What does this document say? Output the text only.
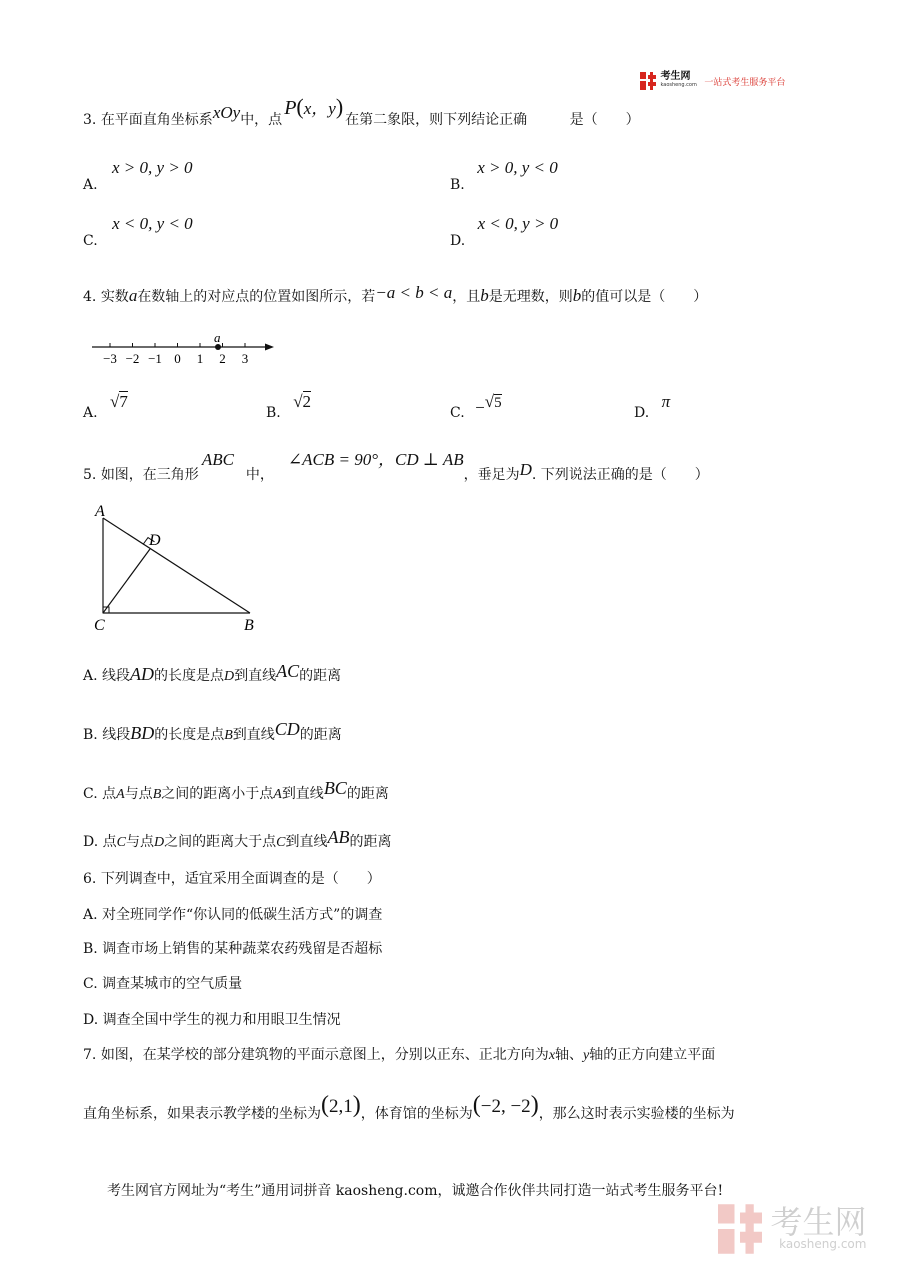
考生网
kaosheng.com 一站式考生服务平台
3. 在平面直角坐标系xOy中，点P(x，y)在第二象限，则下列结论正确	是（　　）
A. x > 0, y > 0
B. x > 0, y < 0
C. x < 0, y < 0
D. x < 0, y > 0
4. 实数a在数轴上的对应点的位置如图所示，若−a < b < a，且b是无理数，则b的值可以是（　　）
−3 −2 −1 0 1 2 3
a
A. √7
B. √2
C. −√5
D. π
5. 如图，在三角形ABC中，∠ACB = 90°，CD ⊥ AB，垂足为D. 下列说法正确的是（　　）
A
D
C	B
A. 线段AD的长度是点D到直线AC的距离
B. 线段BD的长度是点B到直线CD的距离
C. 点A与点B之间的距离小于点A到直线BC的距离
D. 点C与点D之间的距离大于点C到直线AB的距离
6. 下列调查中，适宜采用全面调查的是（　　）
A. 对全班同学作“你认同的低碳生活方式”的调查
B. 调查市场上销售的某种蔬菜农药残留是否超标
C. 调查某城市的空气质量
D. 调查全国中学生的视力和用眼卫生情况
7. 如图，在某学校的部分建筑物的平面示意图上，分别以正东、正北方向为x轴、y轴的正方向建立平面
直角坐标系，如果表示教学楼的坐标为(2,1)，体育馆的坐标为(−2, −2)，那么这时表示实验楼的坐标为
考生网官方网址为“考生”通用词拼音 kaosheng.com，诚邀合作伙伴共同打造一站式考生服务平台!

考生网
kaosheng.com
